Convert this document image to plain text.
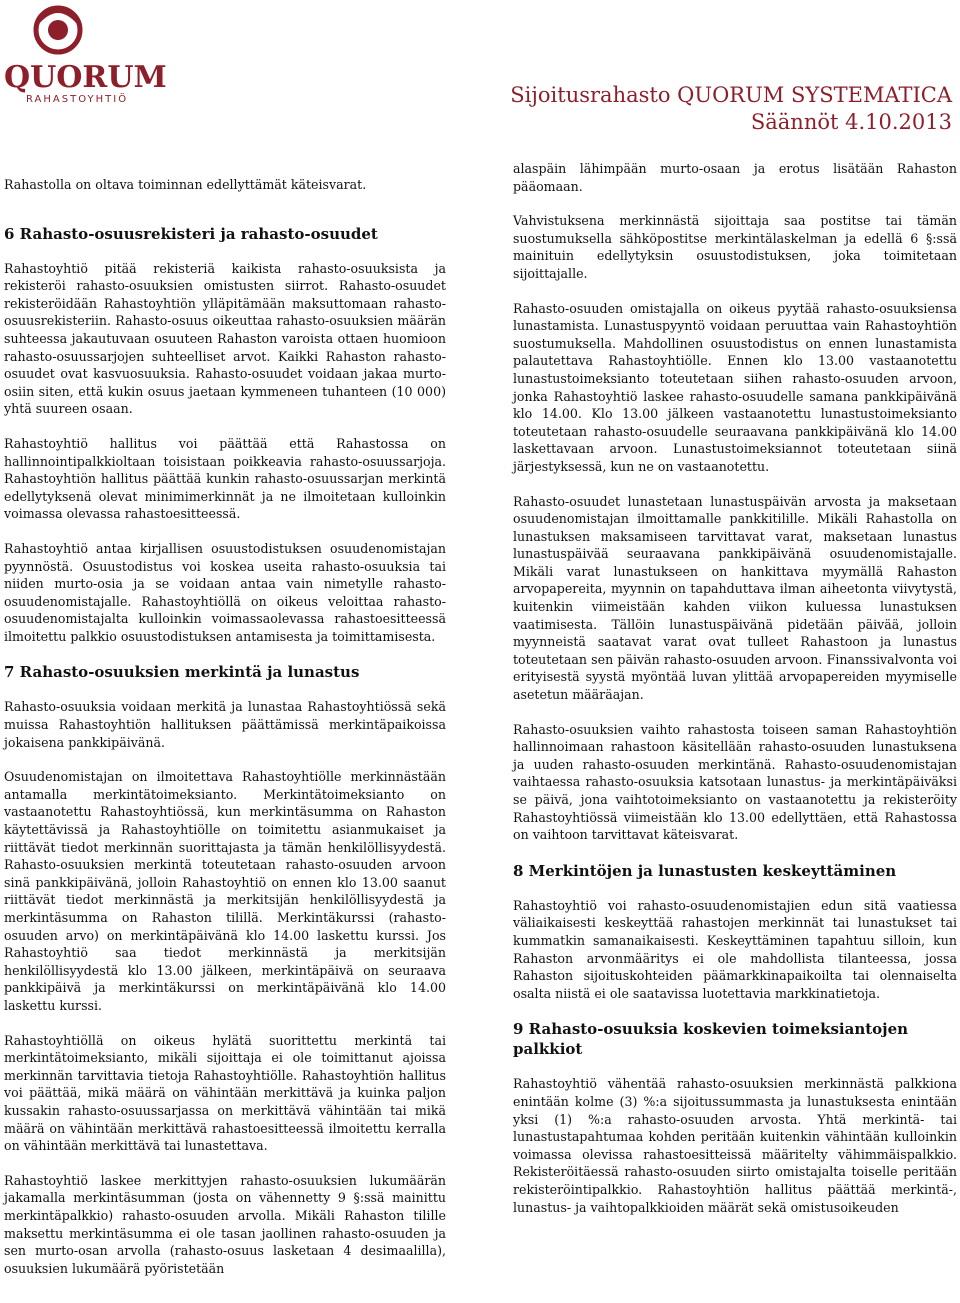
QUORUM
RAHASTOYHTIÖ	Sijoitusrahasto QUORUM SYSTEMATICA
Säännöt 4.10.2013

Rahastolla on oltava toiminnan edellyttämät käteisvarat.

6 Rahasto-osuusrekisteri ja rahasto-osuudet

Rahastoyhtiö pitää rekisteriä kaikista rahasto-osuuksista ja rekisteröi rahasto-osuuksien omistusten siirrot. Rahasto-osuudet rekisteröidään Rahastoyhtiön ylläpitämään maksuttomaan rahasto-osuusrekisteriin. Rahasto-osuus oikeuttaa rahasto-osuuksien määrän suhteessa jakautuvaan osuuteen Rahaston varoista ottaen huomioon rahasto-osuussarjojen suhteelliset arvot. Kaikki Rahaston rahasto-osuudet ovat kasvuosuuksia. Rahasto-osuudet voidaan jakaa murto-osiin siten, että kukin osuus jaetaan kymmeneen tuhanteen (10 000) yhtä suureen osaan.

Rahastoyhtiö hallitus voi päättää että Rahastossa on hallinnointipalkkioltaan toisistaan poikkeavia rahasto-osuussarjoja. Rahastoyhtiön hallitus päättää kunkin rahasto-osuussarjan merkintä edellytyksenä olevat minimimerkinnät ja ne ilmoitetaan kulloinkin voimassa olevassa rahastoesitteessä.

Rahastoyhtiö antaa kirjallisen osuustodistuksen osuudenomistajan pyynnöstä. Osuustodistus voi koskea useita rahasto-osuuksia tai niiden murto-osia ja se voidaan antaa vain nimetylle rahasto-osuudenomistajalle. Rahastoyhtiöllä on oikeus veloittaa rahasto-osuudenomistajalta kulloinkin voimassaolevassa rahastoesitteessä ilmoitettu palkkio osuustodistuksen antamisesta ja toimittamisesta.

7 Rahasto-osuuksien merkintä ja lunastus

Rahasto-osuuksia voidaan merkitä ja lunastaa Rahastoyhtiössä sekä muissa Rahastoyhtiön hallituksen päättämissä merkintäpaikoissa jokaisena pankkipäivänä.

Osuudenomistajan on ilmoitettava Rahastoyhtiölle merkinnästään antamalla merkintätoimeksianto. Merkintätoimeksianto on vastaanotettu Rahastoyhtiössä, kun merkintäsumma on Rahaston käytettävissä ja Rahastoyhtiölle on toimitettu asianmukaiset ja riittävät tiedot merkinnän suorittajasta ja tämän henkilöllisyydestä. Rahasto-osuuksien merkintä toteutetaan rahasto-osuuden arvoon sinä pankkipäivänä, jolloin Rahastoyhtiö on ennen klo 13.00 saanut riittävät tiedot merkinnästä ja merkitsijän henkilöllisyydestä ja merkintäsumma on Rahaston tilillä. Merkintäkurssi (rahasto-osuuden arvo) on merkintäpäivänä klo 14.00 laskettu kurssi. Jos Rahastoyhtiö saa tiedot merkinnästä ja merkitsijän henkilöllisyydestä klo 13.00 jälkeen, merkintäpäivä on seuraava pankkipäivä ja merkintäkurssi on merkintäpäivänä klo 14.00 laskettu kurssi.

Rahastoyhtiöllä on oikeus hylätä suorittettu merkintä tai merkintätoimeksianto, mikäli sijoittaja ei ole toimittanut ajoissa merkinnän tarvittavia tietoja Rahastoyhtiölle. Rahastoyhtiön hallitus voi päättää, mikä määrä on vähintään merkittävä ja kuinka paljon kussakin rahasto-osuussarjassa on merkittävä vähintään tai mikä määrä on vähintään merkittävä rahastoesitteessä ilmoitettu kerralla on vähintään merkittävä tai lunastettava.

Rahastoyhtiö laskee merkittyjen rahasto-osuuksien lukumäärän jakamalla merkintäsumman (josta on vähennetty 9 §:ssä mainittu merkintäpalkkio) rahasto-osuuden arvolla. Mikäli Rahaston tilille maksettu merkintäsumma ei ole tasan jaollinen rahasto-osuuden ja sen murto-osan arvolla (rahasto-osuus lasketaan 4 desimaalilla), osuuksien lukumäärä pyöristetään

alaspäin lähimpään murto-osaan ja erotus lisätään Rahaston pääomaan.

Vahvistuksena merkinnästä sijoittaja saa postitse tai tämän suostumuksella sähköpostitse merkintälaskelman ja edellä 6 §:ssä mainituin edellytyksin osuustodistuksen, joka toimitetaan sijoittajalle.

Rahasto-osuuden omistajalla on oikeus pyytää rahasto-osuuksiensa lunastamista. Lunastuspyyntö voidaan peruuttaa vain Rahastoyhtiön suostumuksella. Mahdollinen osuustodistus on ennen lunastamista palautettava Rahastoyhtiölle. Ennen klo 13.00 vastaanotettu lunastustoimeksianto toteutetaan siihen rahasto-osuuden arvoon, jonka Rahastoyhtiö laskee rahasto-osuudelle samana pankkipäivänä klo 14.00. Klo 13.00 jälkeen vastaanotettu lunastustoimeksianto toteutetaan rahasto-osuudelle seuraavana pankkipäivänä klo 14.00 laskettavaan arvoon. Lunastustoimeksiannot toteutetaan siinä järjestyksessä, kun ne on vastaanotettu.

Rahasto-osuudet lunastetaan lunastuspäivän arvosta ja maksetaan osuudenomistajan ilmoittamalle pankkitilille. Mikäli Rahastolla on lunastuksen maksamiseen tarvittavat varat, maksetaan lunastus lunastuspäivää seuraavana pankkipäivänä osuudenomistajalle. Mikäli varat lunastukseen on hankittava myymällä Rahaston arvopapereita, myynnin on tapahduttava ilman aiheetonta viivytystä, kuitenkin viimeistään kahden viikon kuluessa lunastuksen vaatimisesta. Tällöin lunastuspäivänä pidetään päivää, jolloin myynneistä saatavat varat ovat tulleet Rahastoon ja lunastus toteutetaan sen päivän rahasto-osuuden arvoon. Finanssivalvonta voi erityisestä syystä myöntää luvan ylittää arvopapereiden myymiselle asetetun määräajan.

Rahasto-osuuksien vaihto rahastosta toiseen saman Rahastoyhtiön hallinnoimaan rahastoon käsitellään rahasto-osuuden lunastuksena ja uuden rahasto-osuuden merkintänä. Rahasto-osuudenomistajan vaihtaessa rahasto-osuuksia katsotaan lunastus- ja merkintäpäiväksi se päivä, jona vaihtotoimeksianto on vastaanotettu ja rekisteröity Rahastoyhtiössä viimeistään klo 13.00 edellyttäen, että Rahastossa on vaihtoon tarvittavat käteisvarat.

8 Merkintöjen ja lunastusten keskeyttäminen

Rahastoyhtiö voi rahasto-osuudenomistajien edun sitä vaatiessa väliaikaisesti keskeyttää rahastojen merkinnät tai lunastukset tai kummatkin samanaikaisesti. Keskeyttäminen tapahtuu silloin, kun Rahaston arvonmääritys ei ole mahdollista tilanteessa, jossa Rahaston sijoituskohteiden päämarkkinapaikoilta tai olennaiselta osalta niistä ei ole saatavissa luotettavia markkinatietoja.

9 Rahasto-osuuksia koskevien toimeksiantojen palkkiot

Rahastoyhtiö vähentää rahasto-osuuksien merkinnästä palkkiona enintään kolme (3) %:a sijoitussummasta ja lunastuksesta enintään yksi (1) %:a rahasto-osuuden arvosta. Yhtä merkintä- tai lunastustapahtumaa kohden peritään kuitenkin vähintään kulloinkin voimassa olevissa rahastoesitteissä määritelty vähimmäispalkkio. Rekisteröitäessä rahasto-osuuden siirto omistajalta toiselle peritään rekisteröintipalkkio. Rahastoyhtiön hallitus päättää merkintä-, lunastus- ja vaihtopalkkioiden määrät sekä omistusoikeuden
